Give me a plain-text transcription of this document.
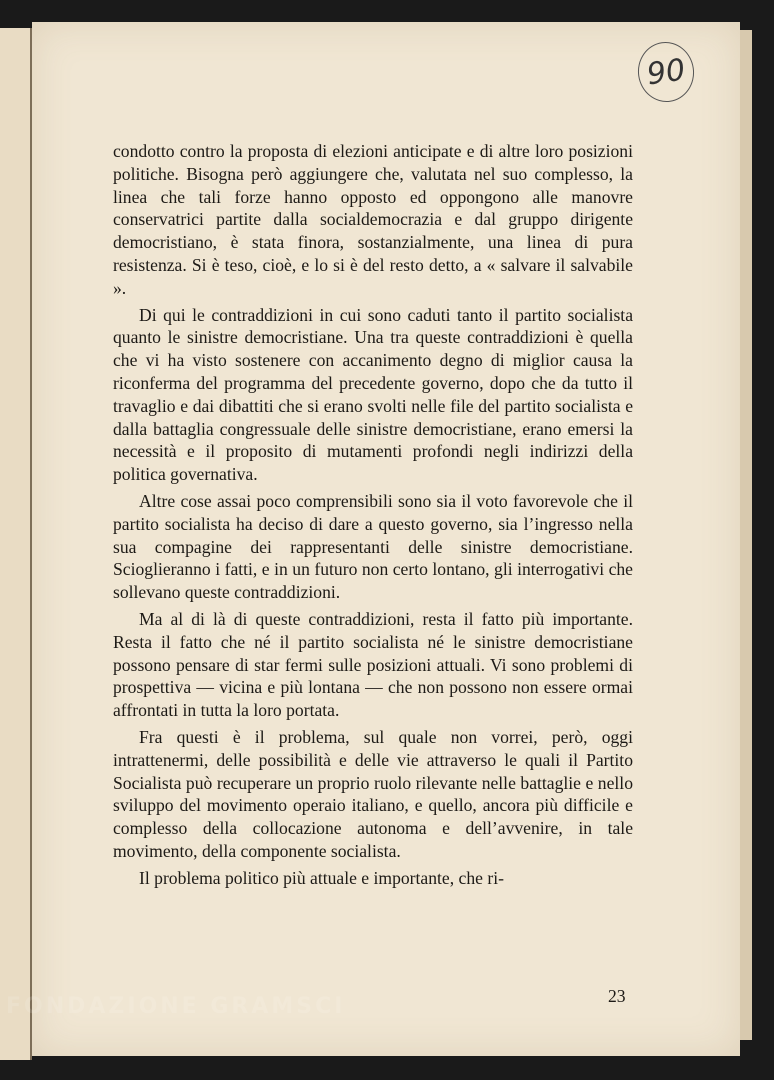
90

condotto contro la proposta di elezioni anticipate e di altre loro posizioni politiche. Bisogna però aggiungere che, valutata nel suo complesso, la linea che tali forze hanno opposto ed oppongono alle manovre conservatrici partite dalla socialdemocrazia e dal gruppo dirigente democristiano, è stata finora, sostanzialmente, una linea di pura resistenza. Si è teso, cioè, e lo si è del resto detto, a « salvare il salvabile ».

Di qui le contraddizioni in cui sono caduti tanto il partito socialista quanto le sinistre democristiane. Una tra queste contraddizioni è quella che vi ha visto sostenere con accanimento degno di miglior causa la riconferma del programma del precedente governo, dopo che da tutto il travaglio e dai dibattiti che si erano svolti nelle file del partito socialista e dalla battaglia congressuale delle sinistre democristiane, erano emersi la necessità e il proposito di mutamenti profondi negli indirizzi della politica governativa.

Altre cose assai poco comprensibili sono sia il voto favorevole che il partito socialista ha deciso di dare a questo governo, sia l’ingresso nella sua compagine dei rappresentanti delle sinistre democristiane. Scioglieranno i fatti, e in un futuro non certo lontano, gli interrogativi che sollevano queste contraddizioni.

Ma al di là di queste contraddizioni, resta il fatto più importante. Resta il fatto che né il partito socialista né le sinistre democristiane possono pensare di star fermi sulle posizioni attuali. Vi sono problemi di prospettiva — vicina e più lontana — che non possono non essere ormai affrontati in tutta la loro portata.

Fra questi è il problema, sul quale non vorrei, però, oggi intrattenermi, delle possibilità e delle vie attraverso le quali il Partito Socialista può recuperare un proprio ruolo rilevante nelle battaglie e nello sviluppo del movimento operaio italiano, e quello, ancora più difficile e complesso della collocazione autonoma e dell’avvenire, in tale movimento, della componente socialista.

Il problema politico più attuale e importante, che ri-

23
FONDAZIONE GRAMSCI
